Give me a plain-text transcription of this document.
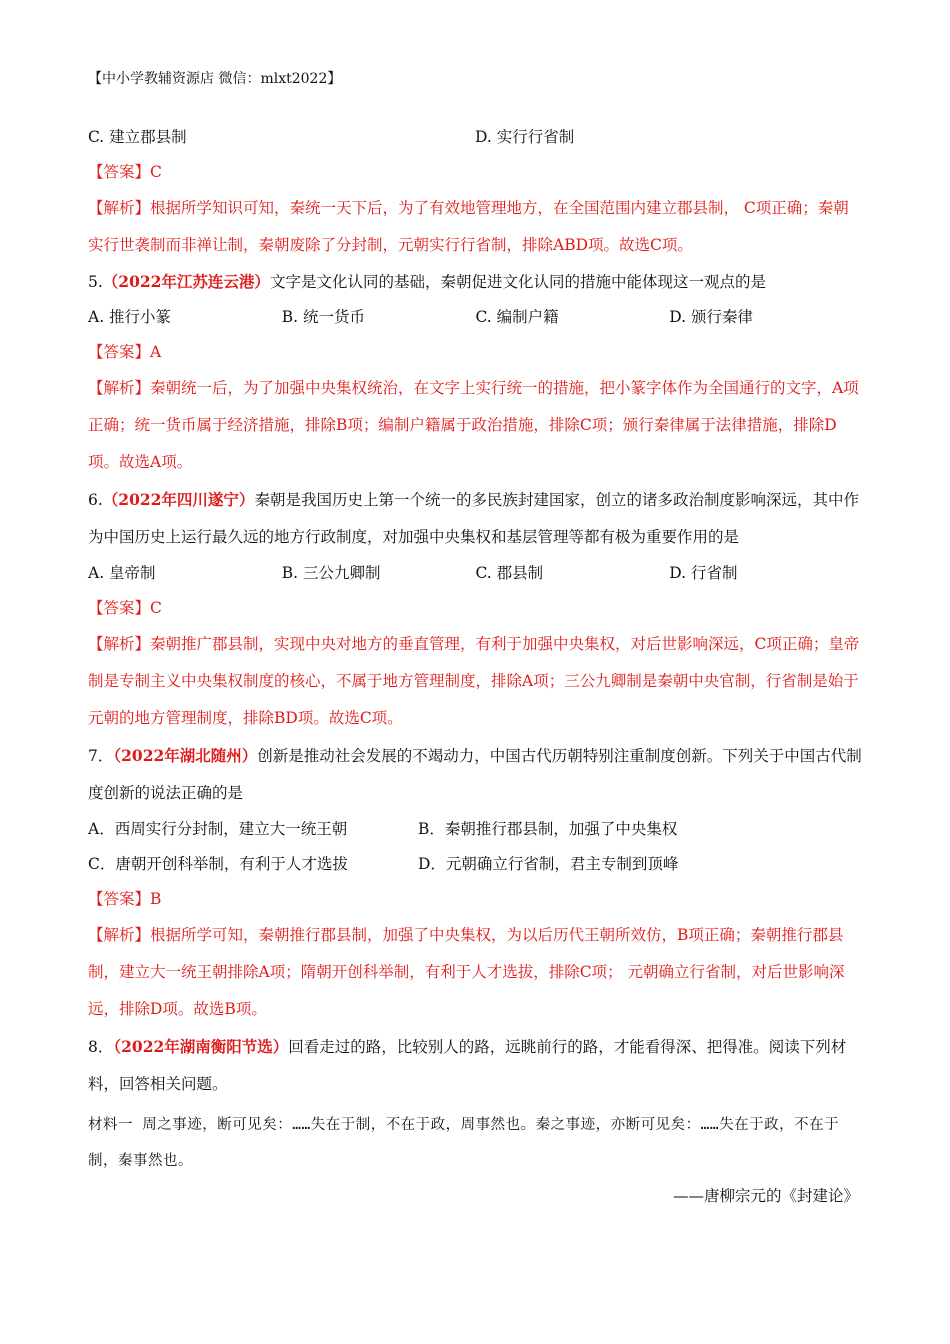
【中小学教辅资源店 微信：mlxt2022】
C. 建立郡县制	D. 实行行省制
【答案】C
【解析】根据所学知识可知，秦统一天下后，为了有效地管理地方，在全国范围内建立郡县制， C项正确；秦朝实行世袭制而非禅让制，秦朝废除了分封制，元朝实行行省制，排除ABD项。故选C项。
5.（2022年江苏连云港）文字是文化认同的基础，秦朝促进文化认同的措施中能体现这一观点的是
A. 推行小篆	B. 统一货币	C. 编制户籍	D. 颁行秦律
【答案】A
【解析】秦朝统一后，为了加强中央集权统治，在文字上实行统一的措施，把小篆字体作为全国通行的文字，A项正确；统一货币属于经济措施，排除B项；编制户籍属于政治措施，排除C项；颁行秦律属于法律措施，排除D项。故选A项。
6.（2022年四川遂宁）秦朝是我国历史上第一个统一的多民族封建国家，创立的诸多政治制度影响深远，其中作为中国历史上运行最久远的地方行政制度，对加强中央集权和基层管理等都有极为重要作用的是
A. 皇帝制	B. 三公九卿制	C. 郡县制	D. 行省制
【答案】C
【解析】秦朝推广郡县制，实现中央对地方的垂直管理，有利于加强中央集权，对后世影响深远，C项正确；皇帝制是专制主义中央集权制度的核心，不属于地方管理制度，排除A项；三公九卿制是秦朝中央官制，行省制是始于元朝的地方管理制度，排除BD项。故选C项。
7．（2022年湖北随州）创新是推动社会发展的不竭动力，中国古代历朝特别注重制度创新。下列关于中国古代制度创新的说法正确的是
A．西周实行分封制，建立大一统王朝	B．秦朝推行郡县制，加强了中央集权
C．唐朝开创科举制，有利于人才选拔	D．元朝确立行省制，君主专制到顶峰
【答案】B
【解析】根据所学可知，秦朝推行郡县制，加强了中央集权，为以后历代王朝所效仿，B项正确；秦朝推行郡县制，建立大一统王朝排除A项；隋朝开创科举制，有利于人才选拔，排除C项； 元朝确立行省制，对后世影响深远，排除D项。故选B项。
8．（2022年湖南衡阳节选）回看走过的路，比较别人的路，远眺前行的路，才能看得深、把得准。阅读下列材料，回答相关问题。
材料一 周之事迹，断可见矣：……失在于制，不在于政，周事然也。秦之事迹，亦断可见矣：……失在于政，不在于制，秦事然也。
——唐柳宗元的《封建论》
